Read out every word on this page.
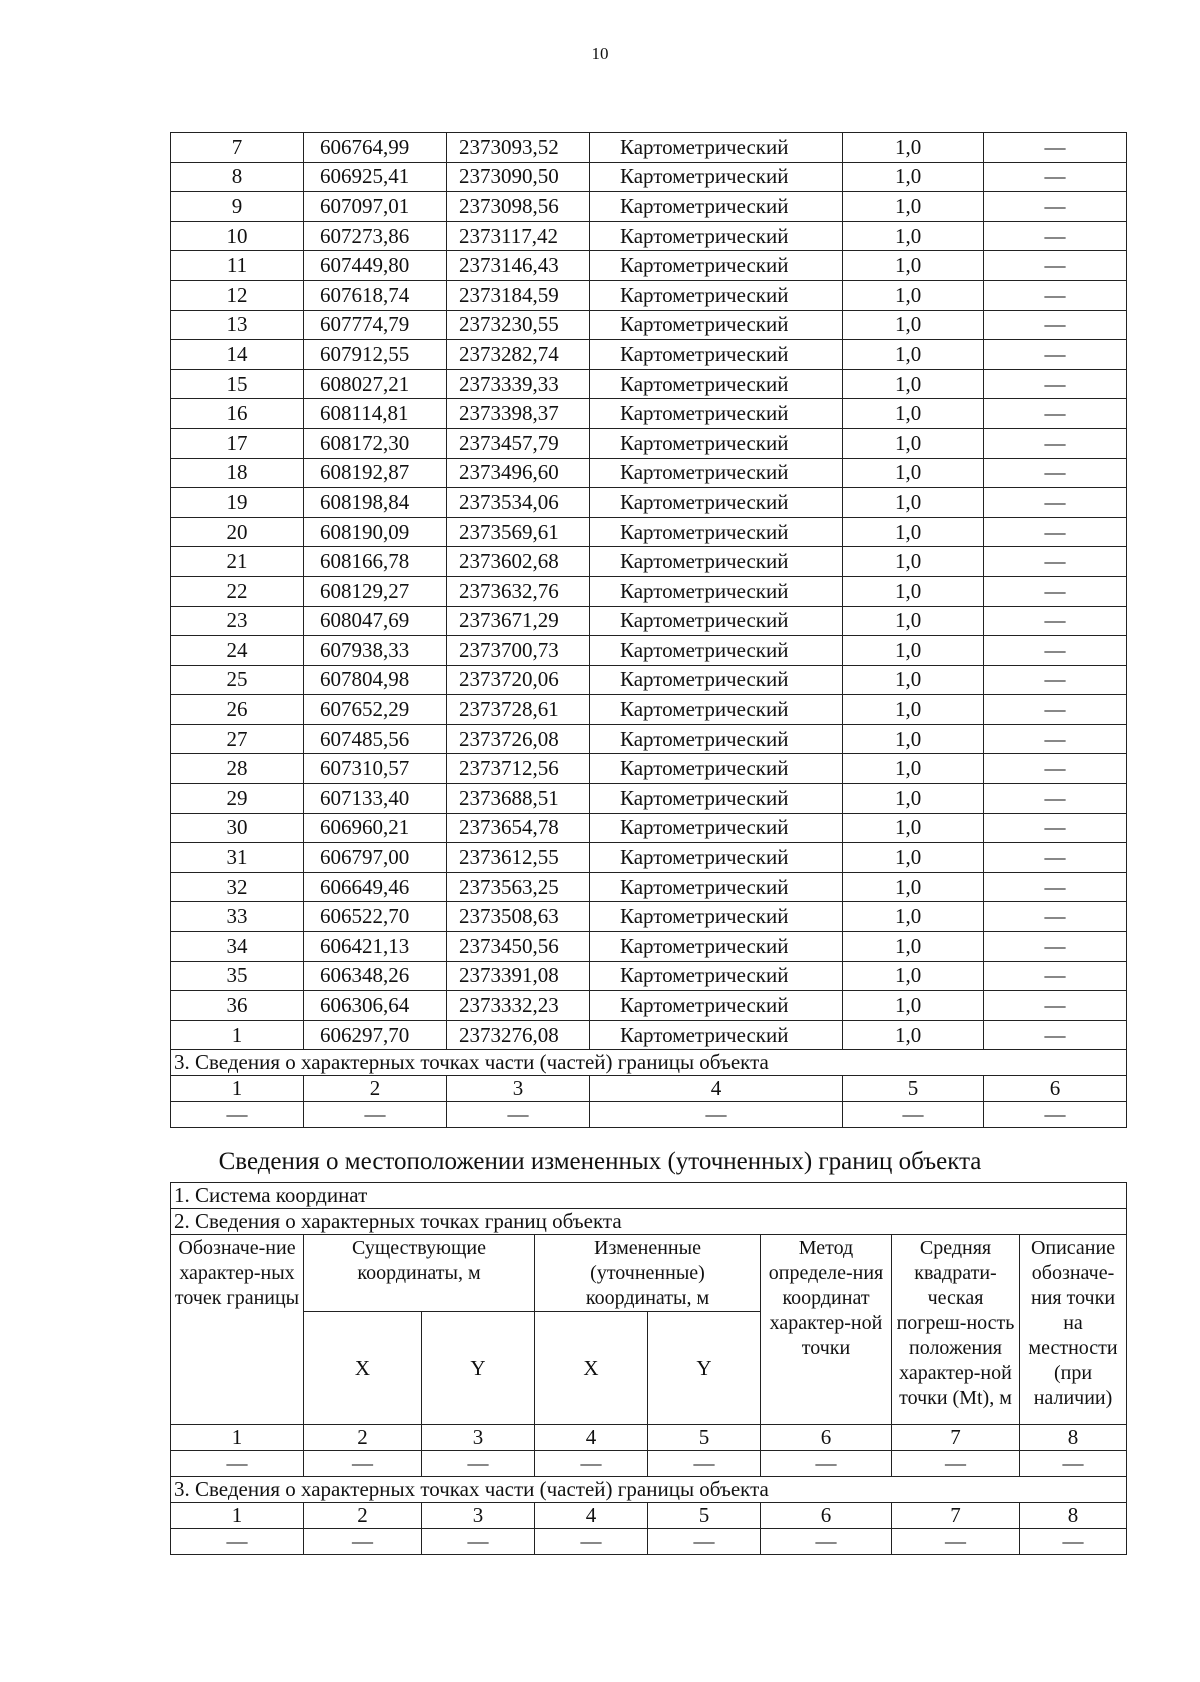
10
7	606764,99	2373093,52	Картометрический	1,0	—
8	606925,41	2373090,50	Картометрический	1,0	—
9	607097,01	2373098,56	Картометрический	1,0	—
10	607273,86	2373117,42	Картометрический	1,0	—
11	607449,80	2373146,43	Картометрический	1,0	—
12	607618,74	2373184,59	Картометрический	1,0	—
13	607774,79	2373230,55	Картометрический	1,0	—
14	607912,55	2373282,74	Картометрический	1,0	—
15	608027,21	2373339,33	Картометрический	1,0	—
16	608114,81	2373398,37	Картометрический	1,0	—
17	608172,30	2373457,79	Картометрический	1,0	—
18	608192,87	2373496,60	Картометрический	1,0	—
19	608198,84	2373534,06	Картометрический	1,0	—
20	608190,09	2373569,61	Картометрический	1,0	—
21	608166,78	2373602,68	Картометрический	1,0	—
22	608129,27	2373632,76	Картометрический	1,0	—
23	608047,69	2373671,29	Картометрический	1,0	—
24	607938,33	2373700,73	Картометрический	1,0	—
25	607804,98	2373720,06	Картометрический	1,0	—
26	607652,29	2373728,61	Картометрический	1,0	—
27	607485,56	2373726,08	Картометрический	1,0	—
28	607310,57	2373712,56	Картометрический	1,0	—
29	607133,40	2373688,51	Картометрический	1,0	—
30	606960,21	2373654,78	Картометрический	1,0	—
31	606797,00	2373612,55	Картометрический	1,0	—
32	606649,46	2373563,25	Картометрический	1,0	—
33	606522,70	2373508,63	Картометрический	1,0	—
34	606421,13	2373450,56	Картометрический	1,0	—
35	606348,26	2373391,08	Картометрический	1,0	—
36	606306,64	2373332,23	Картометрический	1,0	—
1	606297,70	2373276,08	Картометрический	1,0	—
3. Сведения о характерных точках части (частей) границы объекта					
1	2	3	4	5	6
—	—	—	—	—	—
Сведения о местоположении измененных (уточненных) границ объекта
1. Система координат							
2. Сведения о характерных точках границ объекта							
Обозначе-ние характер-ных точек границы	Существующие координаты, м		Измененные (уточненные) координаты, м		Метод определе-ния координат характер-ной точки	Средняя квадрати-ческая погреш-ность положения характер-ной точки (Mt), м	Описание обозначе-ния точки на местности (при наличии)
	X	Y	X	Y			
1	2	3	4	5	6	7	8
—	—	—	—	—	—	—	—
3. Сведения о характерных точках части (частей) границы объекта							
1	2	3	4	5	6	7	8
—	—	—	—	—	—	—	—
